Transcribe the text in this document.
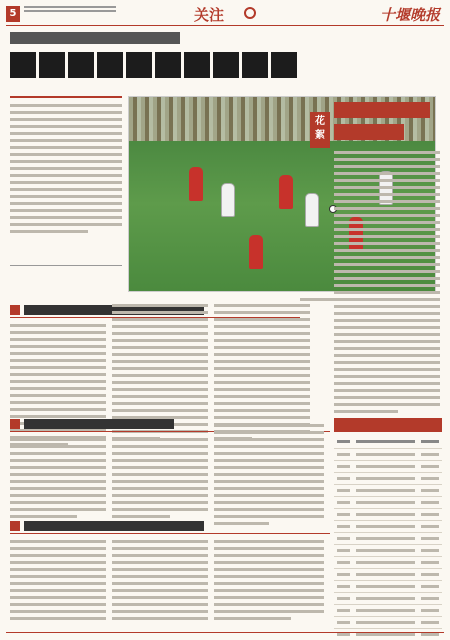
5	关注	十堰晚报
花
絮
